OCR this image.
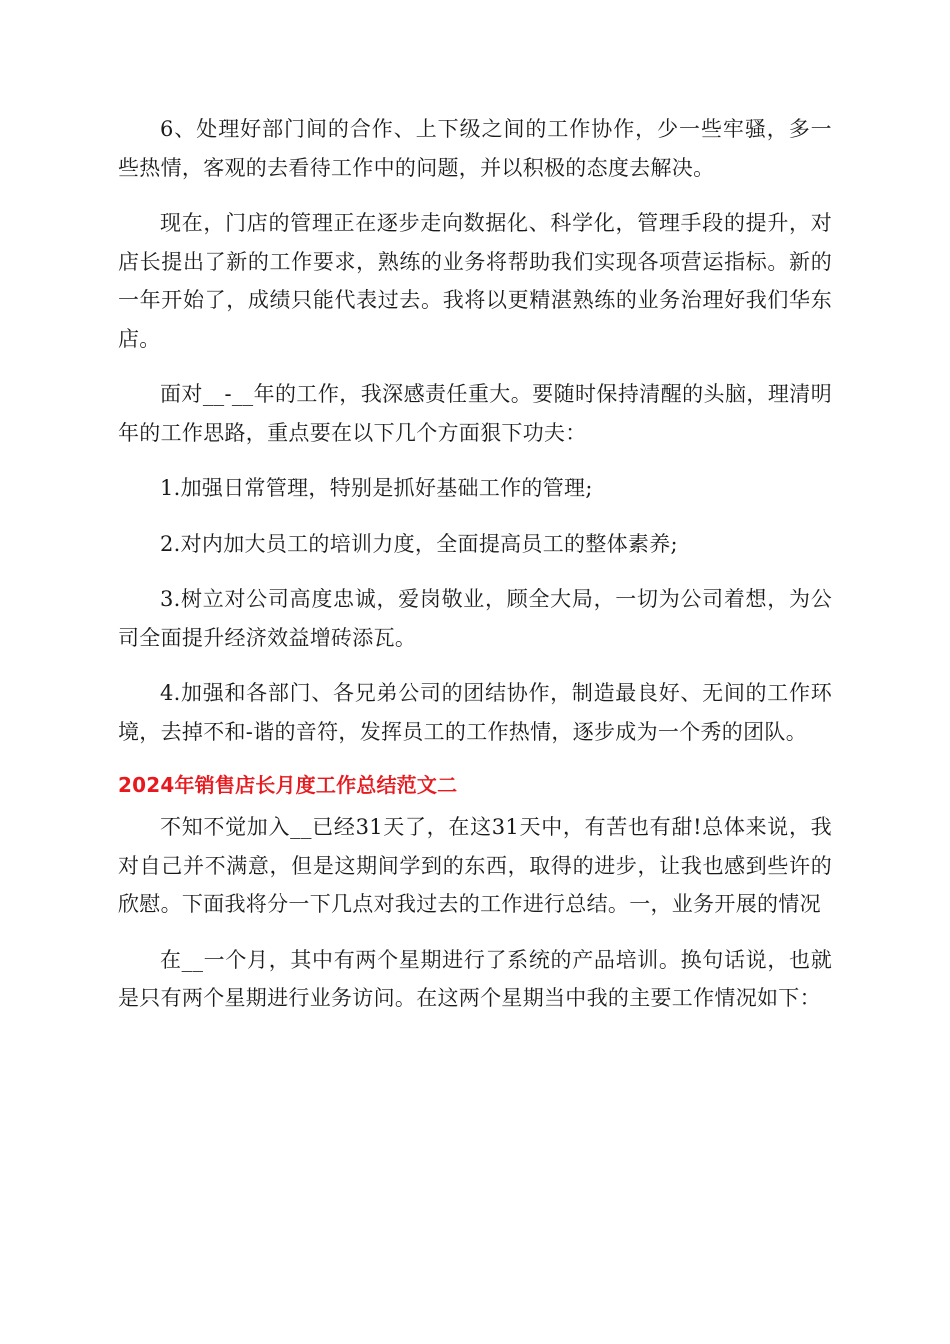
6、处理好部门间的合作、上下级之间的工作协作，少一些牢骚，多一些热情，客观的去看待工作中的问题，并以积极的态度去解决。

现在，门店的管理正在逐步走向数据化、科学化，管理手段的提升，对店长提出了新的工作要求，熟练的业务将帮助我们实现各项营运指标。新的一年开始了，成绩只能代表过去。我将以更精湛熟练的业务治理好我们华东店。

面对__-__年的工作，我深感责任重大。要随时保持清醒的头脑，理清明年的工作思路，重点要在以下几个方面狠下功夫：

1.加强日常管理，特别是抓好基础工作的管理;

2.对内加大员工的培训力度，全面提高员工的整体素养;

3.树立对公司高度忠诚，爱岗敬业，顾全大局，一切为公司着想，为公司全面提升经济效益增砖添瓦。

4.加强和各部门、各兄弟公司的团结协作，制造最良好、无间的工作环境，去掉不和-谐的音符，发挥员工的工作热情，逐步成为一个秀的团队。

2024年销售店长月度工作总结范文二

不知不觉加入__已经31天了，在这31天中，有苦也有甜!总体来说，我对自己并不满意，但是这期间学到的东西，取得的进步，让我也感到些许的欣慰。下面我将分一下几点对我过去的工作进行总结。一，业务开展的情况

在__一个月，其中有两个星期进行了系统的产品培训。换句话说，也就是只有两个星期进行业务访问。在这两个星期当中我的主要工作情况如下：
